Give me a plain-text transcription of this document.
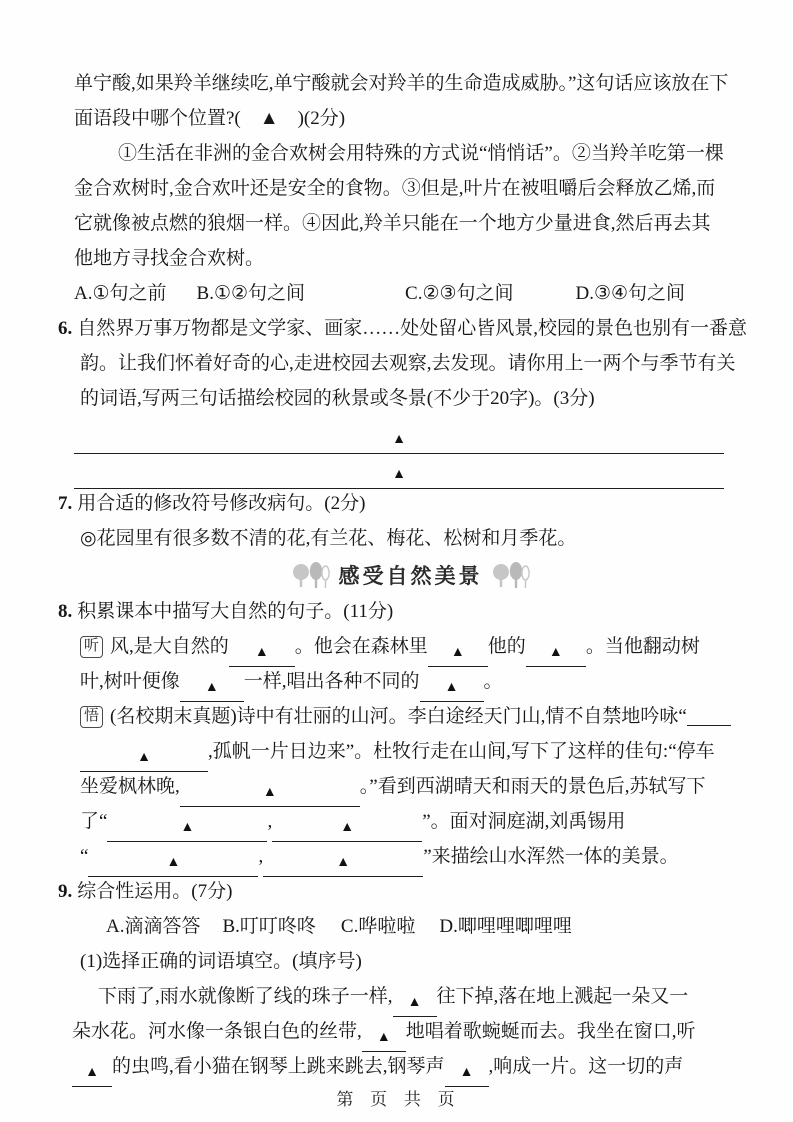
单宁酸,如果羚羊继续吃,单宁酸就会对羚羊的生命造成威胁。”这句话应该放在下
面语段中哪个位置?(　▲　)(2分)
①生活在非洲的金合欢树会用特殊的方式说“悄悄话”。②当羚羊吃第一棵
金合欢树时,金合欢叶还是安全的食物。③但是,叶片在被咀嚼后会释放乙烯,而
它就像被点燃的狼烟一样。④因此,羚羊只能在一个地方少量进食,然后再去其
他地方寻找金合欢树。
A.①句之前 B.①②句之间	C.②③句之间	D.③④句之间
6. 自然界万事万物都是文学家、画家……处处留心皆风景,校园的景色也别有一番意
韵。让我们怀着好奇的心,走进校园去观察,去发现。请你用上一两个与季节有关
的词语,写两三句话描绘校园的秋景或冬景(不少于20字)。(3分)
▲
▲
7. 用合适的修改符号修改病句。(2分)
◎花园里有很多数不清的花,有兰花、梅花、松树和月季花。
感受自然美景
8. 积累课本中描写大自然的句子。(11分)
听 风,是大自然的 ▲ 。他会在森林里 ▲ 他的 ▲ 。当他翻动树
叶,树叶便像 ▲ 一样,唱出各种不同的 ▲ 。
悟 (名校期末真题)诗中有壮丽的山河。李白途经天门山,情不自禁地吟咏“
▲	,孤帆一片日边来”。杜牧行走在山间,写下了这样的佳句:“停车
坐爱枫林晚,	▲	。”看到西湖晴天和雨天的景色后,苏轼写下
了“	▲	,	▲	”。面对洞庭湖,刘禹锡用
“	▲	,	▲	”来描绘山水浑然一体的美景。
9. 综合性运用。(7分)
A.滴滴答答 B.叮叮咚咚 C.哗啦啦 D.唧哩哩唧哩哩
(1)选择正确的词语填空。(填序号)
下雨了,雨水就像断了线的珠子一样, ▲ 往下掉,落在地上溅起一朵又一
朵水花。河水像一条银白色的丝带, ▲ 地唱着歌蜿蜒而去。我坐在窗口,听
▲ 的虫鸣,看小猫在钢琴上跳来跳去,钢琴声 ▲ ,响成一片。这一切的声
第 页 共 页
